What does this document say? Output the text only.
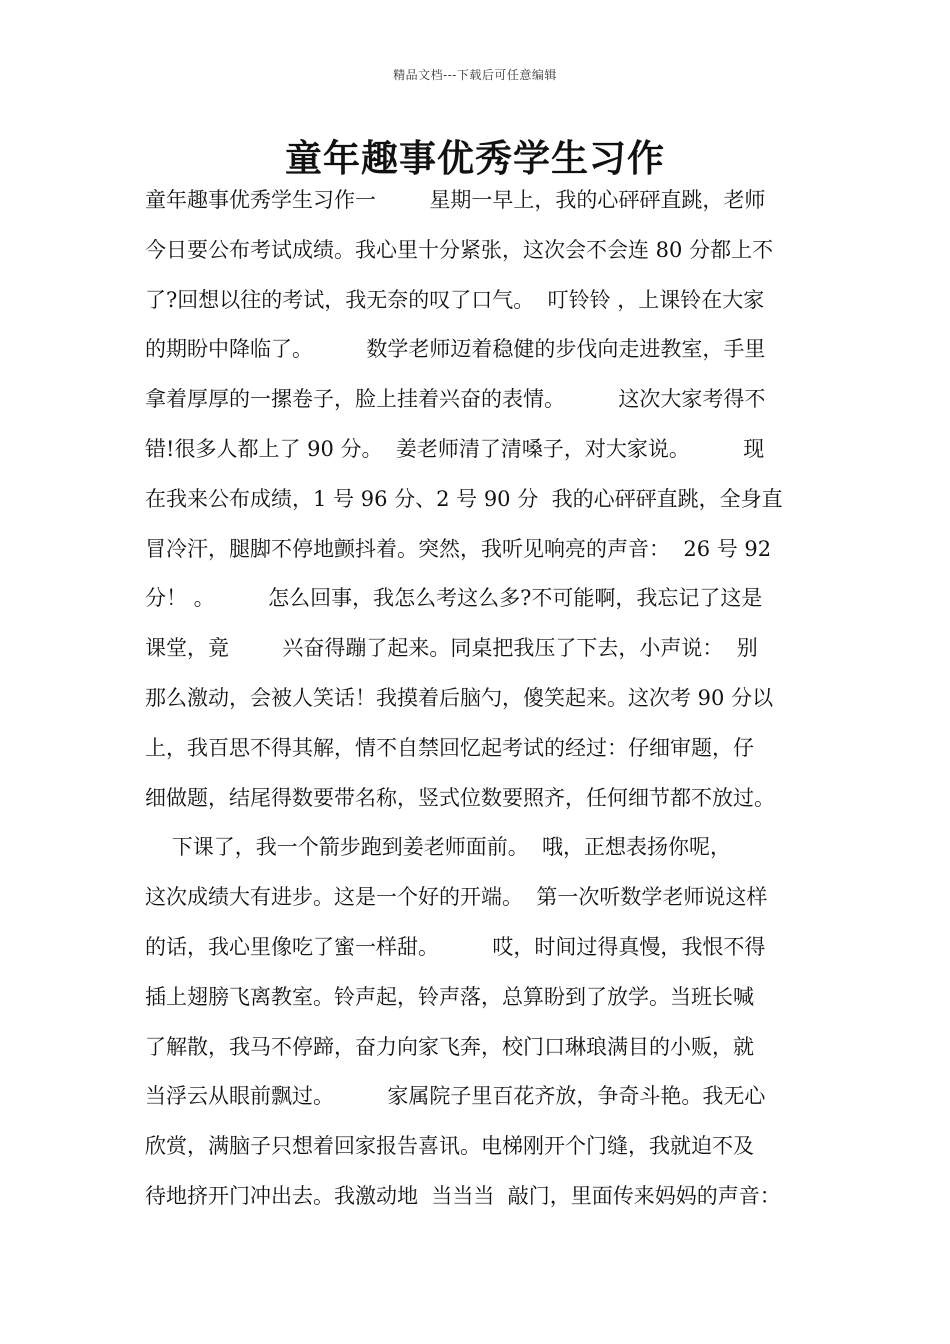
精品文档---下载后可任意编辑
童年趣事优秀学生习作
童年趣事优秀学生习作一        星期一早上，我的心砰砰直跳，老师
今日要公布考试成绩。我心里十分紧张，这次会不会连 80 分都上不
了?回想以往的考试，我无奈的叹了口气。  叮铃铃 ，上课铃在大家
的期盼中降临了。        数学老师迈着稳健的步伐向走进教室，手里
拿着厚厚的一摞卷子，脸上挂着兴奋的表情。        这次大家考得不
错!很多人都上了 90 分。  姜老师清了清嗓子，对大家说。        现
在我来公布成绩，1 号 96 分、2 号 90 分  我的心砰砰直跳，全身直
冒冷汗，腿脚不停地颤抖着。突然，我听见响亮的声音：  26 号 92
分！ 。        怎么回事，我怎么考这么多?不可能啊，我忘记了这是
课堂，竟        兴奋得蹦了起来。同桌把我压了下去，小声说：  别
那么激动，会被人笑话！我摸着后脑勺，傻笑起来。这次考 90 分以
上，我百思不得其解，情不自禁回忆起考试的经过：仔细审题，仔
细做题，结尾得数要带名称，竖式位数要照齐，任何细节都不放过。
下课了，我一个箭步跑到姜老师面前。  哦，正想表扬你呢，
这次成绩大有进步。这是一个好的开端。  第一次听数学老师说这样
的话，我心里像吃了蜜一样甜。        哎，时间过得真慢，我恨不得
插上翅膀飞离教室。铃声起，铃声落，总算盼到了放学。当班长喊
了解散，我马不停蹄，奋力向家飞奔，校门口琳琅满目的小贩，就
当浮云从眼前飘过。        家属院子里百花齐放，争奇斗艳。我无心
欣赏，满脑子只想着回家报告喜讯。电梯刚开个门缝，我就迫不及
待地挤开门冲出去。我激动地  当当当  敲门，里面传来妈妈的声音：
